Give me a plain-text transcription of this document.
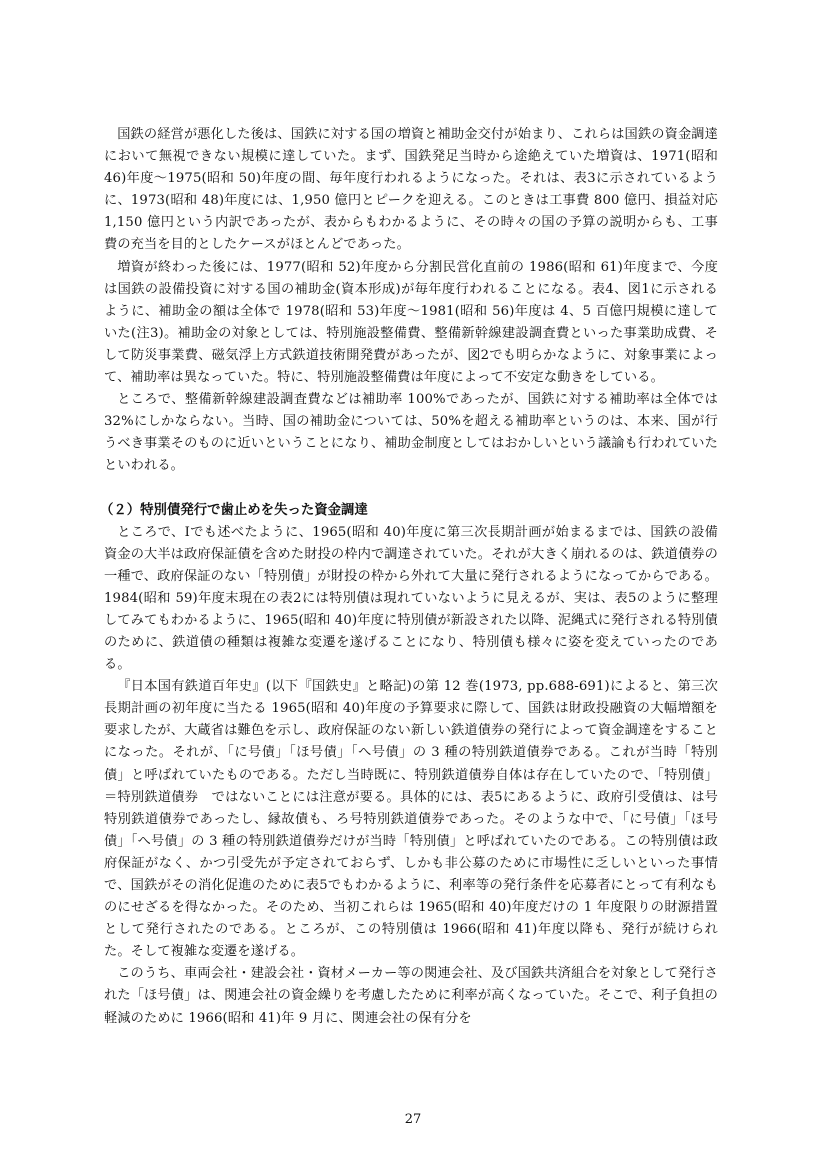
国鉄の経営が悪化した後は、国鉄に対する国の増資と補助金交付が始まり、これらは国鉄の資金調達において無視できない規模に達していた。まず、国鉄発足当時から途絶えていた増資は、1971(昭和 46)年度〜1975(昭和 50)年度の間、毎年度行われるようになった。それは、表3に示されているように、1973(昭和 48)年度には、1,950 億円とピークを迎える。このときは工事費 800 億円、損益対応 1,150 億円という内訳であったが、表からもわかるように、その時々の国の予算の説明からも、工事費の充当を目的としたケースがほとんどであった。

増資が終わった後には、1977(昭和 52)年度から分割民営化直前の 1986(昭和 61)年度まで、今度は国鉄の設備投資に対する国の補助金(資本形成)が毎年度行われることになる。表4、図1に示されるように、補助金の額は全体で 1978(昭和 53)年度〜1981(昭和 56)年度は 4、5 百億円規模に達していた(注3)。補助金の対象としては、特別施設整備費、整備新幹線建設調査費といった事業助成費、そして防災事業費、磁気浮上方式鉄道技術開発費があったが、図2でも明らかなように、対象事業によって、補助率は異なっていた。特に、特別施設整備費は年度によって不安定な動きをしている。

ところで、整備新幹線建設調査費などは補助率 100%であったが、国鉄に対する補助率は全体では 32%にしかならない。当時、国の補助金については、50%を超える補助率というのは、本来、国が行うべき事業そのものに近いということになり、補助金制度としてはおかしいという議論も行われていたといわれる。

（２）特別債発行で歯止めを失った資金調達

ところで、Ⅰでも述べたように、1965(昭和 40)年度に第三次長期計画が始まるまでは、国鉄の設備資金の大半は政府保証債を含めた財投の枠内で調達されていた。それが大きく崩れるのは、鉄道債券の一種で、政府保証のない「特別債」が財投の枠から外れて大量に発行されるようになってからである。1984(昭和 59)年度末現在の表2には特別債は現れていないように見えるが、実は、表5のように整理してみてもわかるように、1965(昭和 40)年度に特別債が新設された以降、泥縄式に発行される特別債のために、鉄道債の種類は複雑な変遷を遂げることになり、特別債も様々に姿を変えていったのである。

『日本国有鉄道百年史』(以下『国鉄史』と略記)の第 12 巻(1973, pp.688-691)によると、第三次長期計画の初年度に当たる 1965(昭和 40)年度の予算要求に際して、国鉄は財政投融資の大幅増額を要求したが、大蔵省は難色を示し、政府保証のない新しい鉄道債券の発行によって資金調達をすることになった。それが、「に号債」「ほ号債」「へ号債」の 3 種の特別鉄道債券である。これが当時「特別債」と呼ばれていたものである。ただし当時既に、特別鉄道債券自体は存在していたので、「特別債」＝特別鉄道債券　ではないことには注意が要る。具体的には、表5にあるように、政府引受債は、は号特別鉄道債券であったし、縁故債も、ろ号特別鉄道債券であった。そのような中で、「に号債」「ほ号債」「へ号債」の 3 種の特別鉄道債券だけが当時「特別債」と呼ばれていたのである。この特別債は政府保証がなく、かつ引受先が予定されておらず、しかも非公募のために市場性に乏しいといった事情で、国鉄がその消化促進のために表5でもわかるように、利率等の発行条件を応募者にとって有利なものにせざるを得なかった。そのため、当初これらは 1965(昭和 40)年度だけの 1 年度限りの財源措置として発行されたのである。ところが、この特別債は 1966(昭和 41)年度以降も、発行が続けられた。そして複雑な変遷を遂げる。

このうち、車両会社・建設会社・資材メーカー等の関連会社、及び国鉄共済組合を対象として発行された「ほ号債」は、関連会社の資金繰りを考慮したために利率が高くなっていた。そこで、利子負担の軽減のために 1966(昭和 41)年 9 月に、関連会社の保有分を

27
